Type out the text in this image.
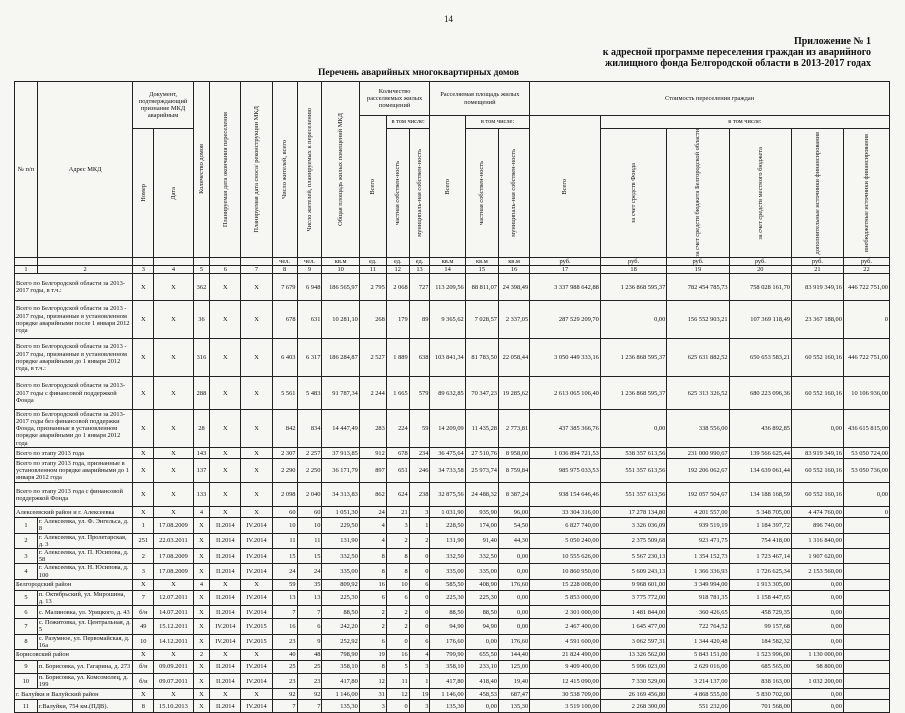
14
Приложение № 1
к адресной программе переселения граждан из аварийного
жилищного фонда Белгородской области в 2013-2017 годах
Перечень аварийных многоквартирных домов
№ п/п	Адрес МКД	Документ, подтверждающий признание МКД аварийным		Количество домов	Планируемая дата окончания переселения	Планируемая дата сноса/ реконструкции МКД	Число жителей, всего	Число жителей, планируемых к переселению	Общая площадь жилых помещений МКД	Количество расселяемых жилых помещений			Расселяемая площадь жилых помещений			Стоимость переселения граждан					

										Всего	в том числе:		Всего	в том числе:		Всего	в том числе:				

		Номер	Дата								частная собствен-ность	муниципаль-ная собствен-ность		частная собствен-ность	муниципаль-ная собствен-ность		за счет средств Фонда	за счет средств бюджета Белгородской области	за счет средств местного бюджета	дополнительные источники финансирования	внебюджетные источники финансирования

							чел.	чел.	кв.м	ед.	ед.	ед.	кв.м	кв.м	кв.м	руб.	руб.	руб.	руб.	руб.	руб.
1	2	3	4	5	6	7	8	9	10	11	12	13	14	15	16	17	18	19	20	21	22
Всего по Белгородской области за 2013-2017 годы, в т.ч.:		X	X	362	X	X	7 679	6 948	186 565,97	2 795	2 068	727	113 209,56	88 811,07	24 398,49	3 337 988 642,88	1 236 868 595,37	782 454 785,73	758 028 161,70	83 919 349,16	446 722 751,00
Всего по Белгородской области за 2013 - 2017 годы, признанные в установленном порядке аварийными после 1 января 2012 года		X	X	36	X	X	678	631	10 281,10	268	179	89	9 365,62	7 028,57	2 337,05	287 529 209,70	0,00	156 552 903,21	107 369 118,49	23 367 188,00	0
Всего по Белгородской области за 2013 - 2017 годы, признанные в установленном порядке аварийными до 1 января 2012 года, в т.ч.:		X	X	316	X	X	6 403	6 317	186 284,87	2 527	1 889	638	103 841,34	81 783,50	22 058,44	3 050 449 333,16	1 236 868 595,37	625 631 882,52	650 653 583,21	60 552 160,16	446 722 751,00
Всего по Белгородской области за 2013-2017 годы с финансовой поддержкой Фонда		X	X	288	X	X	5 561	5 483	91 787,34	2 244	1 665	579	89 632,85	70 347,23	19 285,62	2 613 065 106,40	1 236 868 595,37	625 313 326,52	680 223 096,36	60 552 160,16	10 106 936,00
Всего по Белгородской области за 2013-2017 годы без финансовой поддержки Фонда, признанные в установленном порядке аварийными до 1 января 2012 года		X	X	28	X	X	842	834	14 447,49	283	224	59	14 209,09	11 435,28	2 773,81	437 385 366,76	0,00	338 556,00	436 892,85	0,00	436 615 815,00
Всего по этапу 2013 года		X	X	143	X	X	2 307	2 257	37 913,85	912	678	234	36 475,64	27 510,76	8 958,00	1 036 894 721,53	538 357 613,56	231 000 990,67	139 566 625,44	83 919 349,16	53 050 724,00
Всего по этапу 2013 года, признанные в установленном порядке аварийными до 1 января 2012 года		X	X	137	X	X	2 290	2 250	36 171,79	897	651	246	34 733,58	25 973,74	8 759,84	985 975 033,53	551 357 613,56	192 206 062,67	134 639 061,44	60 552 160,16	53 050 736,00
Всего по этапу 2013 года с финансовой поддержкой Фонда		X	X	133	X	X	2 098	2 040	34 313,83	862	624	238	32 875,56	24 488,32	8 387,24	938 154 646,46	551 357 613,56	192 057 504,67	134 188 168,59	60 552 160,16	0,00
Алексеевский район и г. Алексеевка		X	X	4	X	X	60	60	1 051,30	24	21	3	1 031,90	935,90	96,00	33 304 316,00	17 278 134,80	4 201 557,00	5 348 705,00	4 474 760,00	0
1	г. Алексеевка, ул. Ф. Энгельса, д. 8	1	17.08.2009	X	II.2014	IV.2014	10	10	229,50	4	3	1	228,50	174,00	54,50	6 827 740,00	3 326 036,09	939 519,19	1 184 397,72	896 740,00	
2	г. Алексеевка, ул. Пролетарская, д. 3	251	22.03.2011	X	II.2014	IV.2014	11	11	131,90	4	2	2	131,90	91,40	44,30	5 050 240,00	2 375 509,68	923 471,75	754 418,00	1 316 840,00	
3	г. Алексеевка, ул. П. Юсипова, д. 58	2	17.08.2009	X	II.2014	IV.2014	15	15	332,50	8	8	0	332,50	332,50	0,00	10 555 626,00	5 567 230,13	1 354 152,73	1 723 467,14	1 907 620,00	
4	г. Алексеевка, ул. Н. Юсипова, д. 100	3	17.08.2009	X	II.2014	IV.2014	24	24	335,00	8	8	0	335,00	335,00	0,00	10 860 950,00	5 609 243,13	1 366 336,93	1 726 625,34	2 153 560,00	
Белгородский район		X	X	4	X	X	59	35	809,92	16	10	6	585,50	408,90	176,60	15 228 008,00	9 968 601,00	3 349 994,00	1 913 305,00	0,00	
5	п. Октябрьский, ул. Мирошина, д. 13	7	12.07.2011	X	II.2014	IV.2014	13	13	225,30	6	6	0	225,30	225,30	0,00	5 853 000,00	3 775 772,00	918 781,35	1 158 447,65	0,00	
6	с. Малиновка, ул. Урицкого, д. 43	б/н	14.07.2011	X	II.2014	IV.2014	7	7	88,50	2	2	0	88,50	88,50	0,00	2 301 000,00	1 481 844,00	360 426,65	458 729,35	0,00	
7	с. Пожитовка, ул. Центральная, д. 5	49	15.12.2011	X	IV.2014	IV.2015	16	6	242,20	2	2	0	94,90	94,90	0,00	2 467 400,00	1 645 477,00	722 764,52	99 157,68	0,00	
8	с. Разумное, ул. Первомайская, д. 16а	10	14.12.2011	X	IV.2014	IV.2015	23	9	252,92	6	0	6	176,60	0,00	176,60	4 591 600,00	3 062 597,31	1 344 420,48	184 582,32	0,00	
Борисовский район		X	X	2	X	X	40	48	798,90	19	16	4	799,90	655,50	144,40	21 824 490,00	13 326 562,00	5 843 151,00	1 523 996,00	1 130 000,00	
9	п. Борисовка, ул. Гагарина, д. 273	б/н	09.09.2011	X	II.2014	IV.2014	25	25	358,10	8	5	3	358,10	233,10	125,00	9 409 400,00	5 996 023,00	2 629 016,00	685 565,00	98 800,00	
10	п. Борисовка, ул. Комсомолец, д. 199	б/н	09.07.2011	X	II.2014	IV.2014	23	23	417,80	12	11	1	417,80	418,40	19,40	12 415 090,00	7 330 529,00	3 214 137,00	838 163,00	1 032 200,00	
г. Валуйки и Валуйский район		X	X	X	X	X	92	92	1 146,00	31	12	19	1 146,00	458,53	687,47	30 538 709,00	26 169 456,80	4 868 555,00	5 830 702,00	0,00	
11	г.Валуйки, 754 км.(ПДВ).	8	15.10.2013	X	II.2014	IV.2014	7	7	135,30	3	0	3	135,30	0,00	135,30	3 519 100,00	2 268 300,00	551 232,00	701 568,00	0,00	
